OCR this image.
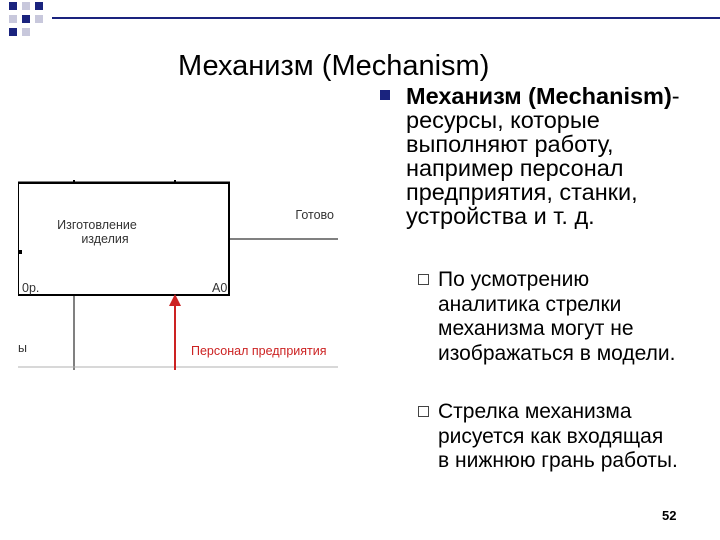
Механизм (Mechanism)
Механизм (Mechanism)- ресурсы, которые выполняют работу, например персонал предприятия, станки, устройства и т. д.
По усмотрению аналитика стрелки механизма могут не изображаться в модели.
Стрелка механизма рисуется как входящая в нижнюю грань работы.
Изготовление
изделия
A0
0р.
Готово
Персонал предприятия
ы
52
